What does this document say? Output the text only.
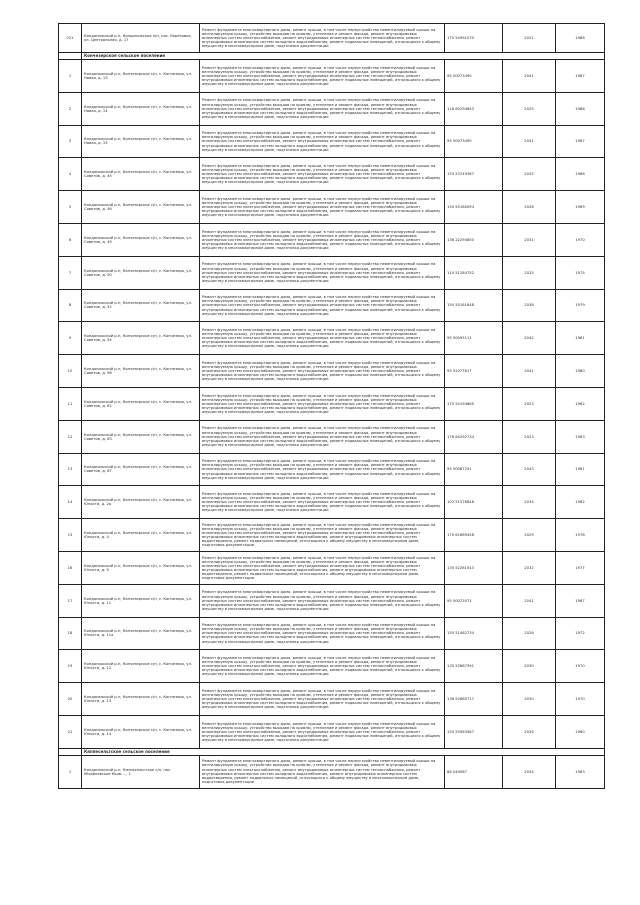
221	Кондопожский р-н, Кондопожское п/п, пос. Берёзовка, ул. Центральная, д. 17	Ремонт фундамента многоквартирного дома, ремонт крыши, в том числе переустройство невентилируемой крыши на вентилируемую крышу, устройство выходов на кровлю, утепление и ремонт фасада, ремонт внутридомовых инженерных систем электроснабжения, ремонт внутридомовых инженерных систем теплоснабжения, ремонт внутридомовых инженерных систем холодного водоснабжения, ремонт подвальных помещений, относящихся к общему имуществу в многоквартирном доме, подготовка документации	175 54991070	2021	1988
	Кончезерское сельское поселение				
1	Кондопожский р-н, Кончезерское с/п, с. Кончезеро, ул. Новая, д. 13	Ремонт фундамента многоквартирного дома, ремонт крыши, в том числе переустройство невентилируемой крыши на вентилируемую крышу, устройство выходов на кровлю, утепление и ремонт фасада, ремонт внутридомовых инженерных систем электроснабжения, ремонт внутридомовых инженерных систем теплоснабжения, ремонт внутридомовых инженерных систем холодного водоснабжения, ремонт подвальных помещений, относящихся к общему имуществу в многоквартирном доме, подготовка документации	95 50073490	2041	1987
2	Кондопожский р-н, Кончезерское с/п, с. Кончезеро, ул. Новая, д. 14	Ремонт фундамента многоквартирного дома, ремонт крыши, в том числе переустройство невентилируемой крыши на вентилируемую крышу, устройство выходов на кровлю, утепление и ремонт фасада, ремонт внутридомовых инженерных систем электроснабжения, ремонт внутридомовых инженерных систем теплоснабжения, ремонт внутридомовых инженерных систем холодного водоснабжения, ремонт подвальных помещений, относящихся к общему имуществу в многоквартирном доме, подготовка документации	118 60294843	2025	1988
3	Кондопожский р-н, Кончезерское с/п, с. Кончезеро, ул. Новая, д. 15	Ремонт фундамента многоквартирного дома, ремонт крыши, в том числе переустройство невентилируемой крыши на вентилируемую крышу, устройство выходов на кровлю, утепление и ремонт фасада, ремонт внутридомовых инженерных систем электроснабжения, ремонт внутридомовых инженерных систем теплоснабжения, ремонт внутридомовых инженерных систем холодного водоснабжения, ремонт подвальных помещений, относящихся к общему имуществу в многоквартирном доме, подготовка документации	95 50073490	2041	1987
4	Кондопожский р-н, Кончезерское с/п, с. Кончезеро, ул. Советов, д. 45	Ремонт фундамента многоквартирного дома, ремонт крыши, в том числе переустройство невентилируемой крыши на вентилируемую крышу, устройство выходов на кровлю, утепление и ремонт фасада, ремонт внутридомовых инженерных систем электроснабжения, ремонт внутридомовых инженерных систем теплоснабжения, ремонт внутридомовых инженерных систем холодного водоснабжения, ремонт подвальных помещений, относящихся к общему имуществу в многоквартирном доме, подготовка документации	155 53749367	2025	1968
5	Кондопожский р-н, Кончезерское с/п, с. Кончезеро, ул. Советов, д. 46	Ремонт фундамента многоквартирного дома, ремонт крыши, в том числе переустройство невентилируемой крыши на вентилируемую крышу, устройство выходов на кровлю, утепление и ремонт фасада, ремонт внутридомовых инженерных систем электроснабжения, ремонт внутридомовых инженерных систем теплоснабжения, ремонт внутридомовых инженерных систем холодного водоснабжения, ремонт подвальных помещений, относящихся к общему имуществу в многоквартирном доме, подготовка документации	150 55180094	2026	1969
6	Кондопожский р-н, Кончезерское с/п, с. Кончезеро, ул. Советов, д. 49	Ремонт фундамента многоквартирного дома, ремонт крыши, в том числе переустройство невентилируемой крыши на вентилируемую крышу, устройство выходов на кровлю, утепление и ремонт фасада, ремонт внутридомовых инженерных систем электроснабжения, ремонт внутридомовых инженерных систем теплоснабжения, ремонт внутридомовых инженерных систем холодного водоснабжения, ремонт подвальных помещений, относящихся к общему имуществу в многоквартирном доме, подготовка документации	136 22294850	2031	1970
7	Кондопожский р-н, Кончезерское с/п, с. Кончезеро, ул. Советов, д. 50	Ремонт фундамента многоквартирного дома, ремонт крыши, в том числе переустройство невентилируемой крыши на вентилируемую крышу, устройство выходов на кровлю, утепление и ремонт фасада, ремонт внутридомовых инженерных систем электроснабжения, ремонт внутридомовых инженерных систем теплоснабжения, ремонт внутридомовых инженерных систем холодного водоснабжения, ремонт подвальных помещений, относящихся к общему имуществу в многоквартирном доме, подготовка документации	110 51284752	2025	1975
8	Кондопожский р-н, Кончезерское с/п, с. Кончезеро, ул. Советов, д. 52	Ремонт фундамента многоквартирного дома, ремонт крыши, в том числе переустройство невентилируемой крыши на вентилируемую крышу, устройство выходов на кровлю, утепление и ремонт фасада, ремонт внутридомовых инженерных систем электроснабжения, ремонт внутридомовых инженерных систем теплоснабжения, ремонт внутридомовых инженерных систем холодного водоснабжения, ремонт подвальных помещений, относящихся к общему имуществу в многоквартирном доме, подготовка документации	150 55161648	2038	1979
9	Кондопожский р-н, Кончезерское с/п, с. Кончезеро, ул. Советов, д. 54	Ремонт фундамента многоквартирного дома, ремонт крыши, в том числе переустройство невентилируемой крыши на вентилируемую крышу, устройство выходов на кровлю, утепление и ремонт фасада, ремонт внутридомовых инженерных систем электроснабжения, ремонт внутридомовых инженерных систем теплоснабжения, ремонт внутридомовых инженерных систем холодного водоснабжения, ремонт подвальных помещений, относящихся к общему имуществу в многоквартирном доме, подготовка документации	95 50095111	2042	1981
10	Кондопожский р-н, Кончезерское с/п, с. Кончезеро, ул. Советов, д. 56	Ремонт фундамента многоквартирного дома, ремонт крыши, в том числе переустройство невентилируемой крыши на вентилируемую крышу, устройство выходов на кровлю, утепление и ремонт фасада, ремонт внутридомовых инженерных систем электроснабжения, ремонт внутридомовых инженерных систем теплоснабжения, ремонт внутридомовых инженерных систем холодного водоснабжения, ремонт подвальных помещений, относящихся к общему имуществу в многоквартирном доме, подготовка документации	95 52077617	2041	1980
11	Кондопожский р-н, Кончезерское с/п, с. Кончезеро, ул. Советов, д. 61	Ремонт фундамента многоквартирного дома, ремонт крыши, в том числе переустройство невентилируемой крыши на вентилируемую крышу, устройство выходов на кровлю, утепление и ремонт фасада, ремонт внутридомовых инженерных систем электроснабжения, ремонт внутридомовых инженерных систем теплоснабжения, ремонт внутридомовых инженерных систем холодного водоснабжения, ремонт подвальных помещений, относящихся к общему имуществу в многоквартирном доме, подготовка документации	175 54194865	2023	1962
12	Кондопожский р-н, Кончезерское с/п, с. Кончезеро, ул. Советов, д. 63	Ремонт фундамента многоквартирного дома, ремонт крыши, в том числе переустройство невентилируемой крыши на вентилируемую крышу, устройство выходов на кровлю, утепление и ремонт фасада, ремонт внутридомовых инженерных систем электроснабжения, ремонт внутридомовых инженерных систем теплоснабжения, ремонт внутридомовых инженерных систем холодного водоснабжения, ремонт подвальных помещений, относящихся к общему имуществу в многоквартирном доме, подготовка документации	176 64292734	2023	1963
13	Кондопожский р-н, Кончезерское с/п, с. Кончезеро, ул. Советов, д. 67	Ремонт фундамента многоквартирного дома, ремонт крыши, в том числе переустройство невентилируемой крыши на вентилируемую крышу, устройство выходов на кровлю, утепление и ремонт фасада, ремонт внутридомовых инженерных систем электроснабжения, ремонт внутридомовых инженерных систем теплоснабжения, ремонт внутридомовых инженерных систем холодного водоснабжения, ремонт подвальных помещений, относящихся к общему имуществу в многоквартирном доме, подготовка документации	95 50087291	2043	1981
14	Кондопожский р-н, Кончезерское с/п, с. Кончезеро, ул. Юности, д. 2а	Ремонт фундамента многоквартирного дома, ремонт крыши, в том числе переустройство невентилируемой крыши на вентилируемую крышу, устройство выходов на кровлю, утепление и ремонт фасада, ремонт внутридомовых инженерных систем электроснабжения, ремонт внутридомовых инженерных систем теплоснабжения, ремонт внутридомовых инженерных систем холодного водоснабжения, ремонт подвальных помещений, относящихся к общему имуществу в многоквартирном доме, подготовка документации	103 51576848	2034	1982
15	Кондопожский р-н, Кончезерское с/п, с. Кончезеро, ул. Юности, д. 4	Ремонт фундамента многоквартирного дома, ремонт крыши, в том числе переустройство невентилируемой крыши на вентилируемую крышу, устройство выходов на кровлю, утепление и ремонт фасада, ремонт внутридомовых инженерных систем электроснабжения, ремонт внутридомовых инженерных систем теплоснабжения, ремонт внутридомовых инженерных систем холодного водоснабжения, ремонт внутридомовых инженерных систем водоотведения, ремонт подвальных помещений, относящихся к общему имуществу в многоквартирном доме, подготовка документации	170 61669458	2029	1978
16	Кондопожский р-н, Кончезерское с/п, с. Кончезеро, ул. Юности, д. 5	Ремонт фундамента многоквартирного дома, ремонт крыши, в том числе переустройство невентилируемой крыши на вентилируемую крышу, устройство выходов на кровлю, утепление и ремонт фасада, ремонт внутридомовых инженерных систем электроснабжения, ремонт внутридомовых инженерных систем теплоснабжения, ремонт внутридомовых инженерных систем холодного водоснабжения, ремонт внутридомовых инженерных систем водоотведения, ремонт подвальных помещений, относящихся к общему имуществу в многоквартирном доме, подготовка документации	135 52261543	2032	1977
17	Кондопожский р-н, Кончезерское с/п, с. Кончезеро, ул. Юности, д. 11	Ремонт фундамента многоквартирного дома, ремонт крыши, в том числе переустройство невентилируемой крыши на вентилируемую крышу, устройство выходов на кровлю, утепление и ремонт фасада, ремонт внутридомовых инженерных систем электроснабжения, ремонт внутридомовых инженерных систем теплоснабжения, ремонт внутридомовых инженерных систем холодного водоснабжения, ремонт подвальных помещений, относящихся к общему имуществу в многоквартирном доме, подготовка документации	95 50072071	2041	1987
18	Кондопожский р-н, Кончезерское с/п, с. Кончезеро, ул. Юности, д. 11а	Ремонт фундамента многоквартирного дома, ремонт крыши, в том числе переустройство невентилируемой крыши на вентилируемую крышу, устройство выходов на кровлю, утепление и ремонт фасада, ремонт внутридомовых инженерных систем электроснабжения, ремонт внутридомовых инженерных систем теплоснабжения, ремонт внутридомовых инженерных систем холодного водоснабжения, ремонт подвальных помещений, относящихся к общему имуществу в многоквартирном доме, подготовка документации	155 51462734	2026	1972
19	Кондопожский р-н, Кончезерское с/п, с. Кончезеро, ул. Юности, д. 12	Ремонт фундамента многоквартирного дома, ремонт крыши, в том числе переустройство невентилируемой крыши на вентилируемую крышу, устройство выходов на кровлю, утепление и ремонт фасада, ремонт внутридомовых инженерных систем электроснабжения, ремонт внутридомовых инженерных систем теплоснабжения, ремонт внутридомовых инженерных систем холодного водоснабжения, ремонт подвальных помещений, относящихся к общему имуществу в многоквартирном доме, подготовка документации	135 52867391	2030	1970
20	Кондопожский р-н, Кончезерское с/п, с. Кончезеро, ул. Юности, д. 13	Ремонт фундамента многоквартирного дома, ремонт крыши, в том числе переустройство невентилируемой крыши на вентилируемую крышу, устройство выходов на кровлю, утепление и ремонт фасада, ремонт внутридомовых инженерных систем электроснабжения, ремонт внутридомовых инженерных систем теплоснабжения, ремонт внутридомовых инженерных систем холодного водоснабжения, ремонт подвальных помещений, относящихся к общему имуществу в многоквартирном доме, подготовка документации	136 52660717	2030	1970
21	Кондопожский р-н, Кончезерское с/п, с. Кончезеро, ул. Юности, д. 14	Ремонт фундамента многоквартирного дома, ремонт крыши, в том числе переустройство невентилируемой крыши на вентилируемую крышу, устройство выходов на кровлю, утепление и ремонт фасада, ремонт внутридомовых инженерных систем электроснабжения, ремонт внутридомовых инженерных систем теплоснабжения, ремонт внутридомовых инженерных систем холодного водоснабжения, ремонт подвальных помещений, относящихся к общему имуществу в многоквартирном доме, подготовка документации	155 53583567	2026	1980
	Кяппесельгское сельское поселение				
1	Кондопожский р-н, Кяппесельгское с/п, пос. Міхайловское Кішм ..., 1	Ремонт фундамента многоквартирного дома, ремонт крыши, в том числе переустройство невентилируемой крыши на вентилируемую крышу, устройство выходов на кровлю, утепление и ремонт фасада, ремонт внутридомовых инженерных систем электроснабжения, ремонт внутридомовых инженерных систем теплоснабжения, ремонт внутридомовых инженерных систем холодного водоснабжения, ремонт внутридомовых инженерных систем водоотведения, ремонт подвальных помещений, относящихся к общему имуществу в многоквартирном доме, подготовка документации	86 049067	2034	1963
